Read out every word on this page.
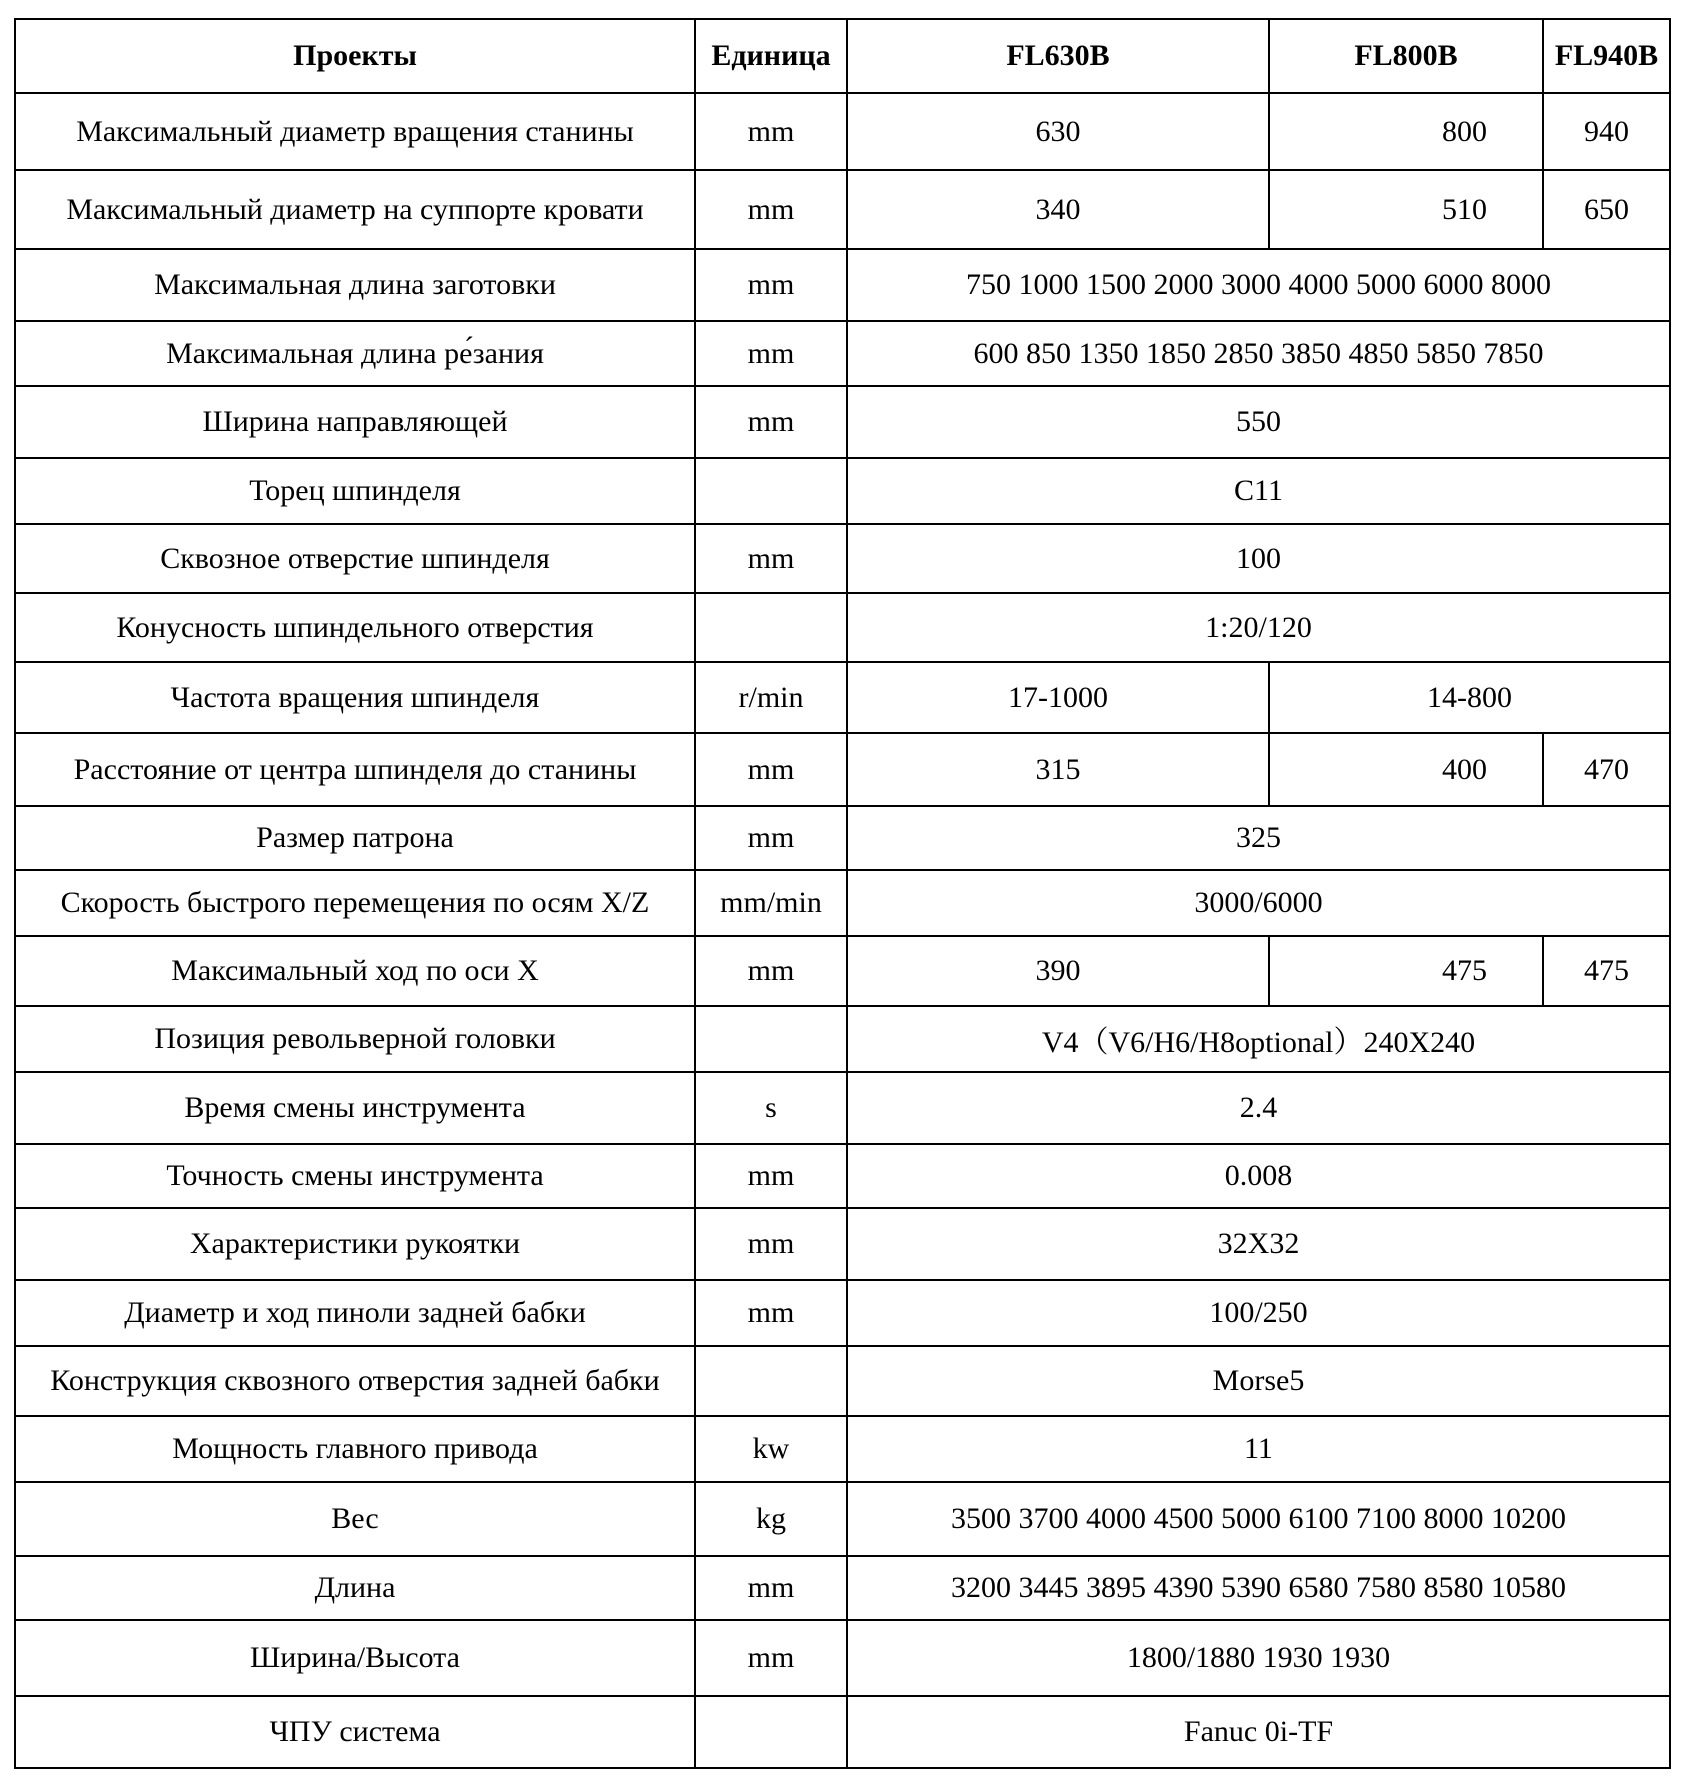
Проекты	Единица	FL630B	FL800B	FL940B
Максимальный диаметр вращения станины	mm	630	800	940
Максимальный диаметр на суппорте кровати	mm	340	510	650
Максимальная длина заготовки	mm	750 1000 1500 2000 3000 4000 5000 6000 8000		
Максимальная длина ре́зания	mm	600 850 1350 1850 2850 3850 4850 5850 7850		
Ширина направляющей	mm	550		
Торец шпинделя		C11		
Сквозное отверстие шпинделя	mm	100		
Конусность шпиндельного отверстия		1:20/120		
Частота вращения шпинделя	r/min	17-1000	14-800	
Расстояние от центра шпинделя до станины	mm	315	400	470
Размер патрона	mm	325		
Скорость быстрого перемещения по осям X/Z	mm/min	3000/6000		
Максимальный ход по оси X	mm	390	475	475
Позиция револьверной головки		V4（V6/H6/H8optional）240X240		
Время смены инструмента	s	2.4		
Точность смены инструмента	mm	0.008		
Характеристики рукоятки	mm	32X32		
Диаметр и ход пиноли задней бабки	mm	100/250		
Конструкция сквозного отверстия задней бабки		Morse5		
Мощность главного привода	kw	11		
Вес	kg	3500 3700 4000 4500 5000 6100 7100 8000 10200		
Длина	mm	3200 3445 3895 4390 5390 6580 7580 8580 10580		
Ширина/Высота	mm	1800/1880 1930 1930		
ЧПУ система		Fanuc 0i-TF		
